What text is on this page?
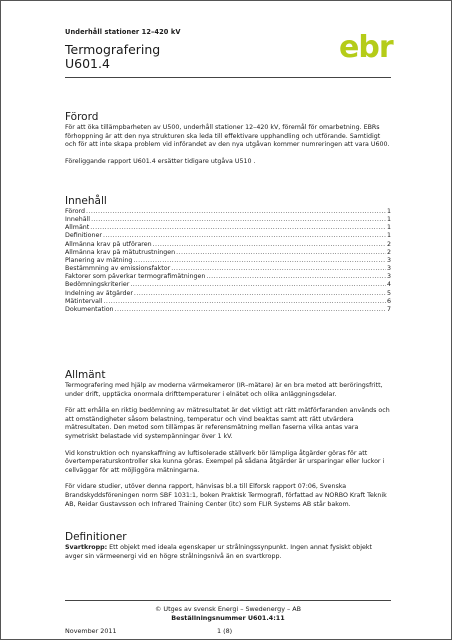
Underhåll stationer 12–420 kV
Termografering
U601.4	ebr
Förord
För att öka tillämpbarheten av U500, underhåll stationer 12–420 kV, föremål för omarbetning. EBRs förhoppning är att den nya strukturen ska leda till effektivare upphandling och utförande. Samtidigt och för att inte skapa problem vid införandet av den nya utgåvan kommer numreringen att vara U600.
Föreliggande rapport U601.4 ersätter tidigare utgåva U510 .
Innehåll
Förord .....	1
Innehåll .....	1
Allmänt .....	1
Definitioner .....	1
Allmänna krav på utföraren .....	2
Allmänna krav på mätutrustningen .....	2
Planering av mätning .....	3
Bestämmning av emissionsfaktor .....	3
Faktorer som påverkar termografimätningen .....	3
Bedömningskriterier .....	4
Indelning av åtgärder .....	5
Mätintervall .....	6
Dokumentation .....	7
Allmänt
Termografering med hjälp av moderna värmekameror (IR–mätare) är en bra metod att beröringsfritt, under drift, upptäcka onormala drifttemperaturer i elnätet och olika anläggningsdelar.
För att erhålla en riktig bedömning av mätresultatet är det viktigt att rätt mätförfaranden används och att omständigheter såsom belastning, temperatur och vind beaktas samt att rätt utvärdera mätresultaten. Den metod som tillämpas är referensmätning mellan faserna vilka antas vara symetriskt belastade vid systempänningar över 1 kV.
Vid konstruktion och nyanskaffning av luftisolerade ställverk bör lämpliga åtgärder göras för att övertemperaturskontroller ska kunna göras. Exempel på sådana åtgärder är ursparingar eller luckor i cellväggar för att möjliggöra mätningarna.
För vidare studier, utöver denna rapport, hänvisas bl.a till Elforsk rapport 07:06, Svenska Brandskyddsföreningen norm SBF 1031:1, boken Praktisk Termografi, författad av NORBO Kraft Teknik AB, Reidar Gustavsson och Infrared Training Center (itc) som FLIR Systems AB står bakom.
Definitioner
Svartkropp: Ett objekt med ideala egenskaper ur strålningssynpunkt. Ingen annat fysiskt objekt avger sin värmeenergi vid en högre strålningsnivå än en svartkropp.
© Utges av svensk Energi – Swedenergy – AB
Beställningsnummer U601.4:11
November 2011	1 (8)
